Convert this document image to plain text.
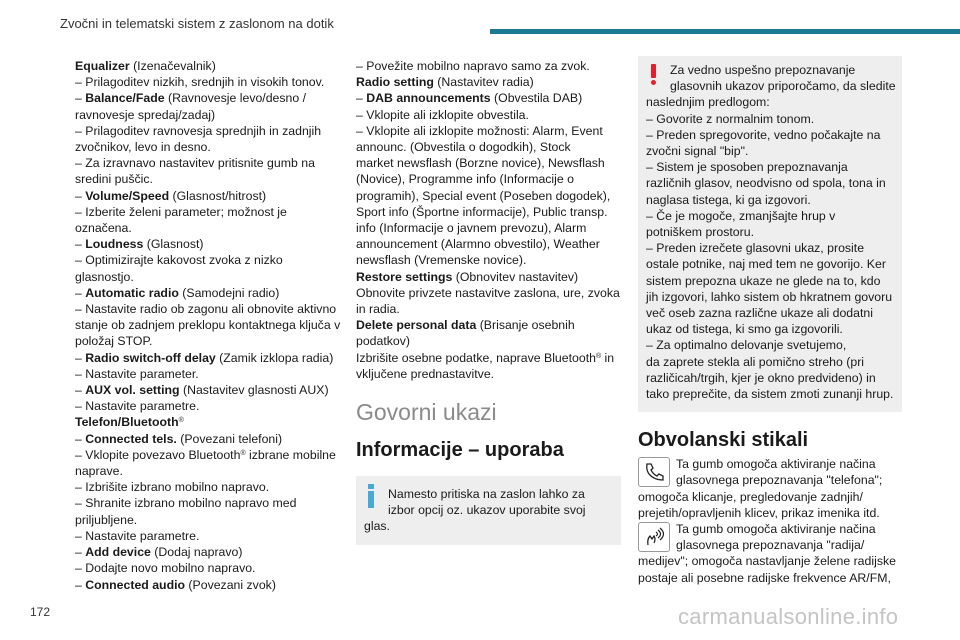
Zvočni in telematski sistem z zaslonom na dotik
Equalizer (Izenačevalnik)
– Prilagoditev nizkih, srednjih in visokih tonov.
– Balance/Fade (Ravnovesje levo/desno /
ravnovesje spredaj/zadaj)
– Prilagoditev ravnovesja sprednjih in zadnjih
zvočnikov, levo in desno.
– Za izravnavo nastavitev pritisnite gumb na
sredini puščic.
– Volume/Speed (Glasnost/hitrost)
– Izberite želeni parameter; možnost je
označena.
– Loudness (Glasnost)
– Optimizirajte kakovost zvoka z nizko
glasnostjo.
– Automatic radio (Samodejni radio)
– Nastavite radio ob zagonu ali obnovite aktivno
stanje ob zadnjem preklopu kontaktnega ključa v
položaj STOP.
– Radio switch-off delay (Zamik izklopa radia)
– Nastavite parameter.
– AUX vol. setting (Nastavitev glasnosti AUX)
– Nastavite parametre.
Telefon/Bluetooth®
– Connected tels. (Povezani telefoni)
– Vklopite povezavo Bluetooth® izbrane mobilne
naprave.
– Izbrišite izbrano mobilno napravo.
– Shranite izbrano mobilno napravo med
priljubljene.
– Nastavite parametre.
– Add device (Dodaj napravo)
– Dodajte novo mobilno napravo.
– Connected audio (Povezani zvok)
– Povežite mobilno napravo samo za zvok.
Radio setting (Nastavitev radia)
– DAB announcements (Obvestila DAB)
– Vklopite ali izklopite obvestila.
– Vklopite ali izklopite možnosti: Alarm, Event
announc. (Obvestila o dogodkih), Stock
market newsflash (Borzne novice), Newsflash
(Novice), Programme info (Informacije o
programih), Special event (Poseben dogodek),
Sport info (Športne informacije), Public transp.
info (Informacije o javnem prevozu), Alarm
announcement (Alarmno obvestilo), Weather
newsflash (Vremenske novice).
Restore settings (Obnovitev nastavitev)
Obnovite privzete nastavitve zaslona, ure, zvoka
in radia.
Delete personal data (Brisanje osebnih
podatkov)
Izbrišite osebne podatke, naprave Bluetooth® in
vključene prednastavitve.
Govorni ukazi
Informacije – uporaba
Namesto pritiska na zaslon lahko za
izbor opcij oz. ukazov uporabite svoj
glas.
Za vedno uspešno prepoznavanje
glasovnih ukazov priporočamo, da sledite
naslednjim predlogom:
– Govorite z normalnim tonom.
– Preden spregovorite, vedno počakajte na
zvočni signal "bip".
– Sistem je sposoben prepoznavanja
različnih glasov, neodvisno od spola, tona in
naglasa tistega, ki ga izgovori.
– Če je mogoče, zmanjšajte hrup v
potniškem prostoru.
– Preden izrečete glasovni ukaz, prosite
ostale potnike, naj med tem ne govorijo. Ker
sistem prepozna ukaze ne glede na to, kdo
jih izgovori, lahko sistem ob hkratnem govoru
več oseb zazna različne ukaze ali dodatni
ukaz od tistega, ki smo ga izgovorili.
– Za optimalno delovanje svetujemo,
da zaprete stekla ali pomično streho (pri
različicah/trgih, kjer je okno predvideno) in
tako preprečite, da sistem zmoti zunanji hrup.
Obvolanski stikali
Ta gumb omogoča aktiviranje načina
glasovnega prepoznavanja "telefona";
omogoča klicanje, pregledovanje zadnjih/
prejetih/opravljenih klicev, prikaz imenika itd.
Ta gumb omogoča aktiviranje načina
glasovnega prepoznavanja "radija/
medijev"; omogoča nastavljanje želene radijske
postaje ali posebne radijske frekvence AR/FM,
172	carmanualsonline.info
